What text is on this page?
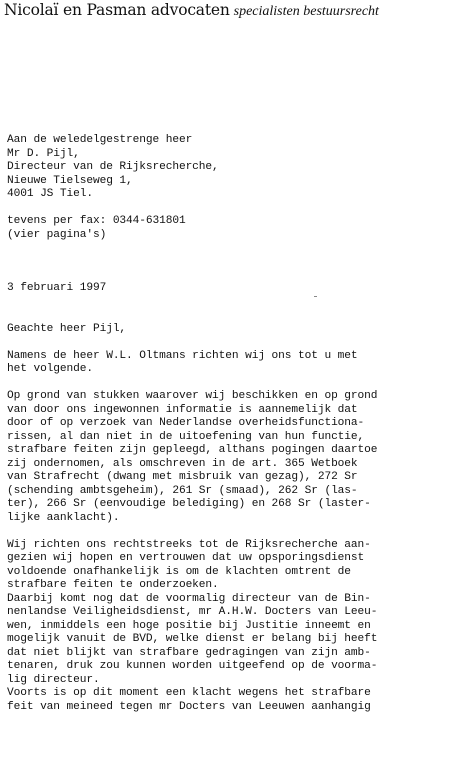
Nicolaï en Pasman advocaten specialisten bestuursrecht
Aan de weledelgestrenge heer
Mr D. Pijl,
Directeur van de Rijksrecherche,
Nieuwe Tielseweg 1,
4001 JS Tiel.
tevens per fax: 0344-631801
(vier pagina's)
3 februari 1997
Geachte heer Pijl,
Namens de heer W.L. Oltmans richten wij ons tot u met
het volgende.
Op grond van stukken waarover wij beschikken en op grond
van door ons ingewonnen informatie is aannemelijk dat
door of op verzoek van Nederlandse overheidsfunctiona-
rissen, al dan niet in de uitoefening van hun functie,
strafbare feiten zijn gepleegd, althans pogingen daartoe
zij ondernomen, als omschreven in de art. 365 Wetboek
van Strafrecht (dwang met misbruik van gezag), 272 Sr
(schending ambtsgeheim), 261 Sr (smaad), 262 Sr (las-
ter), 266 Sr (eenvoudige belediging) en 268 Sr (laster-
lijke aanklacht).
Wij richten ons rechtstreeks tot de Rijksrecherche aan-
gezien wij hopen en vertrouwen dat uw opsporingsdienst
voldoende onafhankelijk is om de klachten omtrent de
strafbare feiten te onderzoeken.
Daarbij komt nog dat de voormalig directeur van de Bin-
nenlandse Veiligheidsdienst, mr A.H.W. Docters van Leeu-
wen, inmiddels een hoge positie bij Justitie inneemt en
mogelijk vanuit de BVD, welke dienst er belang bij heeft
dat niet blijkt van strafbare gedragingen van zijn amb-
tenaren, druk zou kunnen worden uitgeefend op de voorma-
lig directeur.
Voorts is op dit moment een klacht wegens het strafbare
feit van meineed tegen mr Docters van Leeuwen aanhangig
